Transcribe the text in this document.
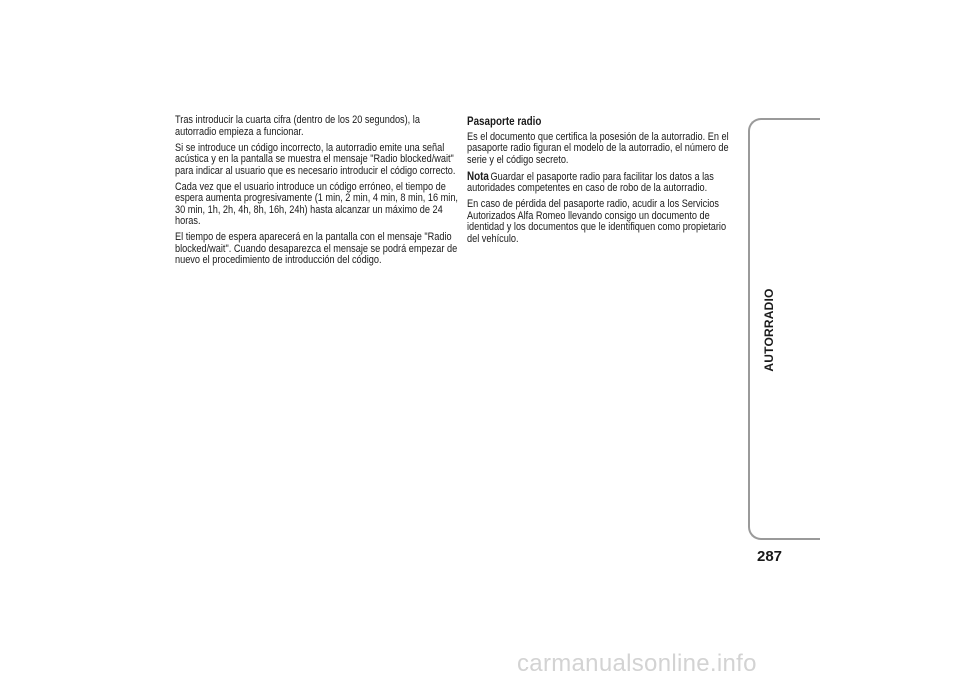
Tras introducir la cuarta cifra (dentro de los 20 segundos), la autorradio empieza a funcionar.

Si se introduce un código incorrecto, la autorradio emite una señal acústica y en la pantalla se muestra el mensaje "Radio blocked/wait" para indicar al usuario que es necesario introducir el código correcto.

Cada vez que el usuario introduce un código erróneo, el tiempo de espera aumenta progresivamente (1 min, 2 min, 4 min, 8 min, 16 min, 30 min, 1h, 2h, 4h, 8h, 16h, 24h) hasta alcanzar un máximo de 24 horas.

El tiempo de espera aparecerá en la pantalla con el mensaje "Radio blocked/wait". Cuando desaparezca el mensaje se podrá empezar de nuevo el procedimiento de introducción del código.

Pasaporte radio

Es el documento que certifica la posesión de la autorradio. En el pasaporte radio figuran el modelo de la autorradio, el número de serie y el código secreto.

Nota Guardar el pasaporte radio para facilitar los datos a las autoridades competentes en caso de robo de la autorradio.

En caso de pérdida del pasaporte radio, acudir a los Servicios Autorizados Alfa Romeo llevando consigo un documento de identidad y los documentos que le identifiquen como propietario del vehículo.

AUTORRADIO
287
carmanualsonline.info
